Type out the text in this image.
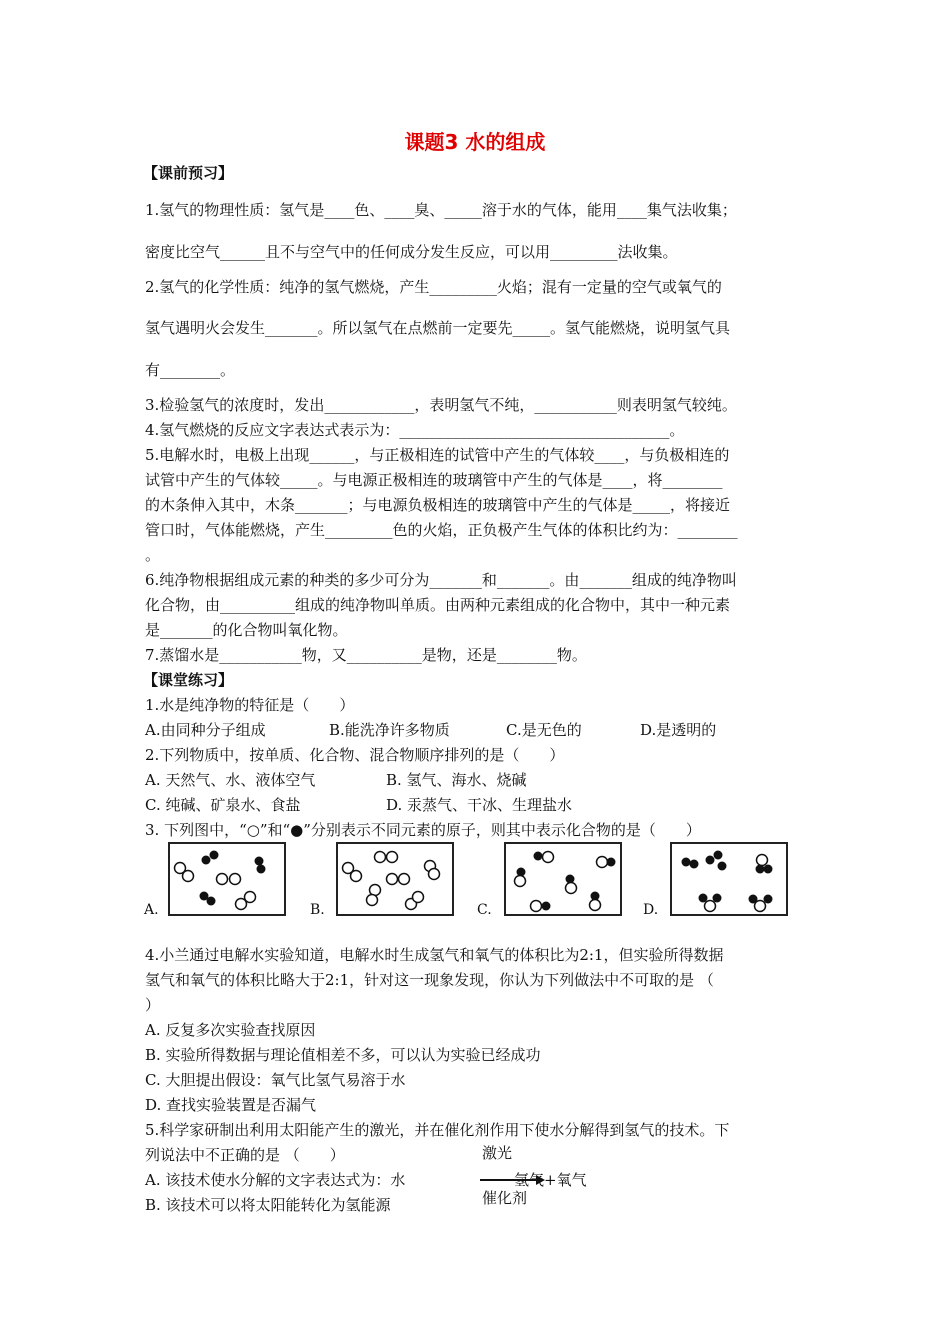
课题3 水的组成
【课前预习】
1.氢气的物理性质：氢气是____色、____臭、_____溶于水的气体，能用____集气法收集；
密度比空气______且不与空气中的任何成分发生反应，可以用_________法收集。
2.氢气的化学性质：纯净的氢气燃烧，产生_________火焰；混有一定量的空气或氧气的
氢气遇明火会发生_______。所以氢气在点燃前一定要先_____。氢气能燃烧，说明氢气具
有________。
3.检验氢气的浓度时，发出____________，表明氢气不纯，___________则表明氢气较纯。
4.氢气燃烧的反应文字表达式表示为：____________________________________。
5.电解水时，电极上出现______，与正极相连的试管中产生的气体较____，与负极相连的
试管中产生的气体较_____。与电源正极相连的玻璃管中产生的气体是____，将________
的木条伸入其中，木条_______；与电源负极相连的玻璃管中产生的气体是_____，将接近
管口时，气体能燃烧，产生_________色的火焰，正负极产生气体的体积比约为：________
。
6.纯净物根据组成元素的种类的多少可分为_______和_______。由_______组成的纯净物叫
化合物，由__________组成的纯净物叫单质。由两种元素组成的化合物中，其中一种元素
是_______的化合物叫氧化物。
7.蒸馏水是___________物，又__________是物，还是________物。
【课堂练习】
1.水是纯净物的特征是（　　）
A.由同种分子组成	B.能洗净许多物质	C.是无色的	D.是透明的
2.下列物质中，按单质、化合物、混合物顺序排列的是（　　）
A. 天然气、水、液体空气	B. 氢气、海水、烧碱
C. 纯碱、矿泉水、食盐	D. 汞蒸气、干冰、生理盐水
3. 下列图中，“○”和“●”分别表示不同元素的原子，则其中表示化合物的是（　　）
A.	B.	C.	D.
4.小兰通过电解水实验知道，电解水时生成氢气和氧气的体积比为2:1，但实验所得数据
氢气和氧气的体积比略大于2:1，针对这一现象发现，你认为下列做法中不可取的是 （
）
A. 反复多次实验查找原因
B. 实验所得数据与理论值相差不多，可以认为实验已经成功
C. 大胆提出假设：氧气比氢气易溶于水
D. 查找实验装置是否漏气
5.科学家研制出利用太阳能产生的激光，并在催化剂作用下使水分解得到氢气的技术。下
列说法中不正确的是 （　　）	激光
A. 该技术使水分解的文字表达式为：水	氢气+氧气
催化剂
B. 该技术可以将太阳能转化为氢能源
